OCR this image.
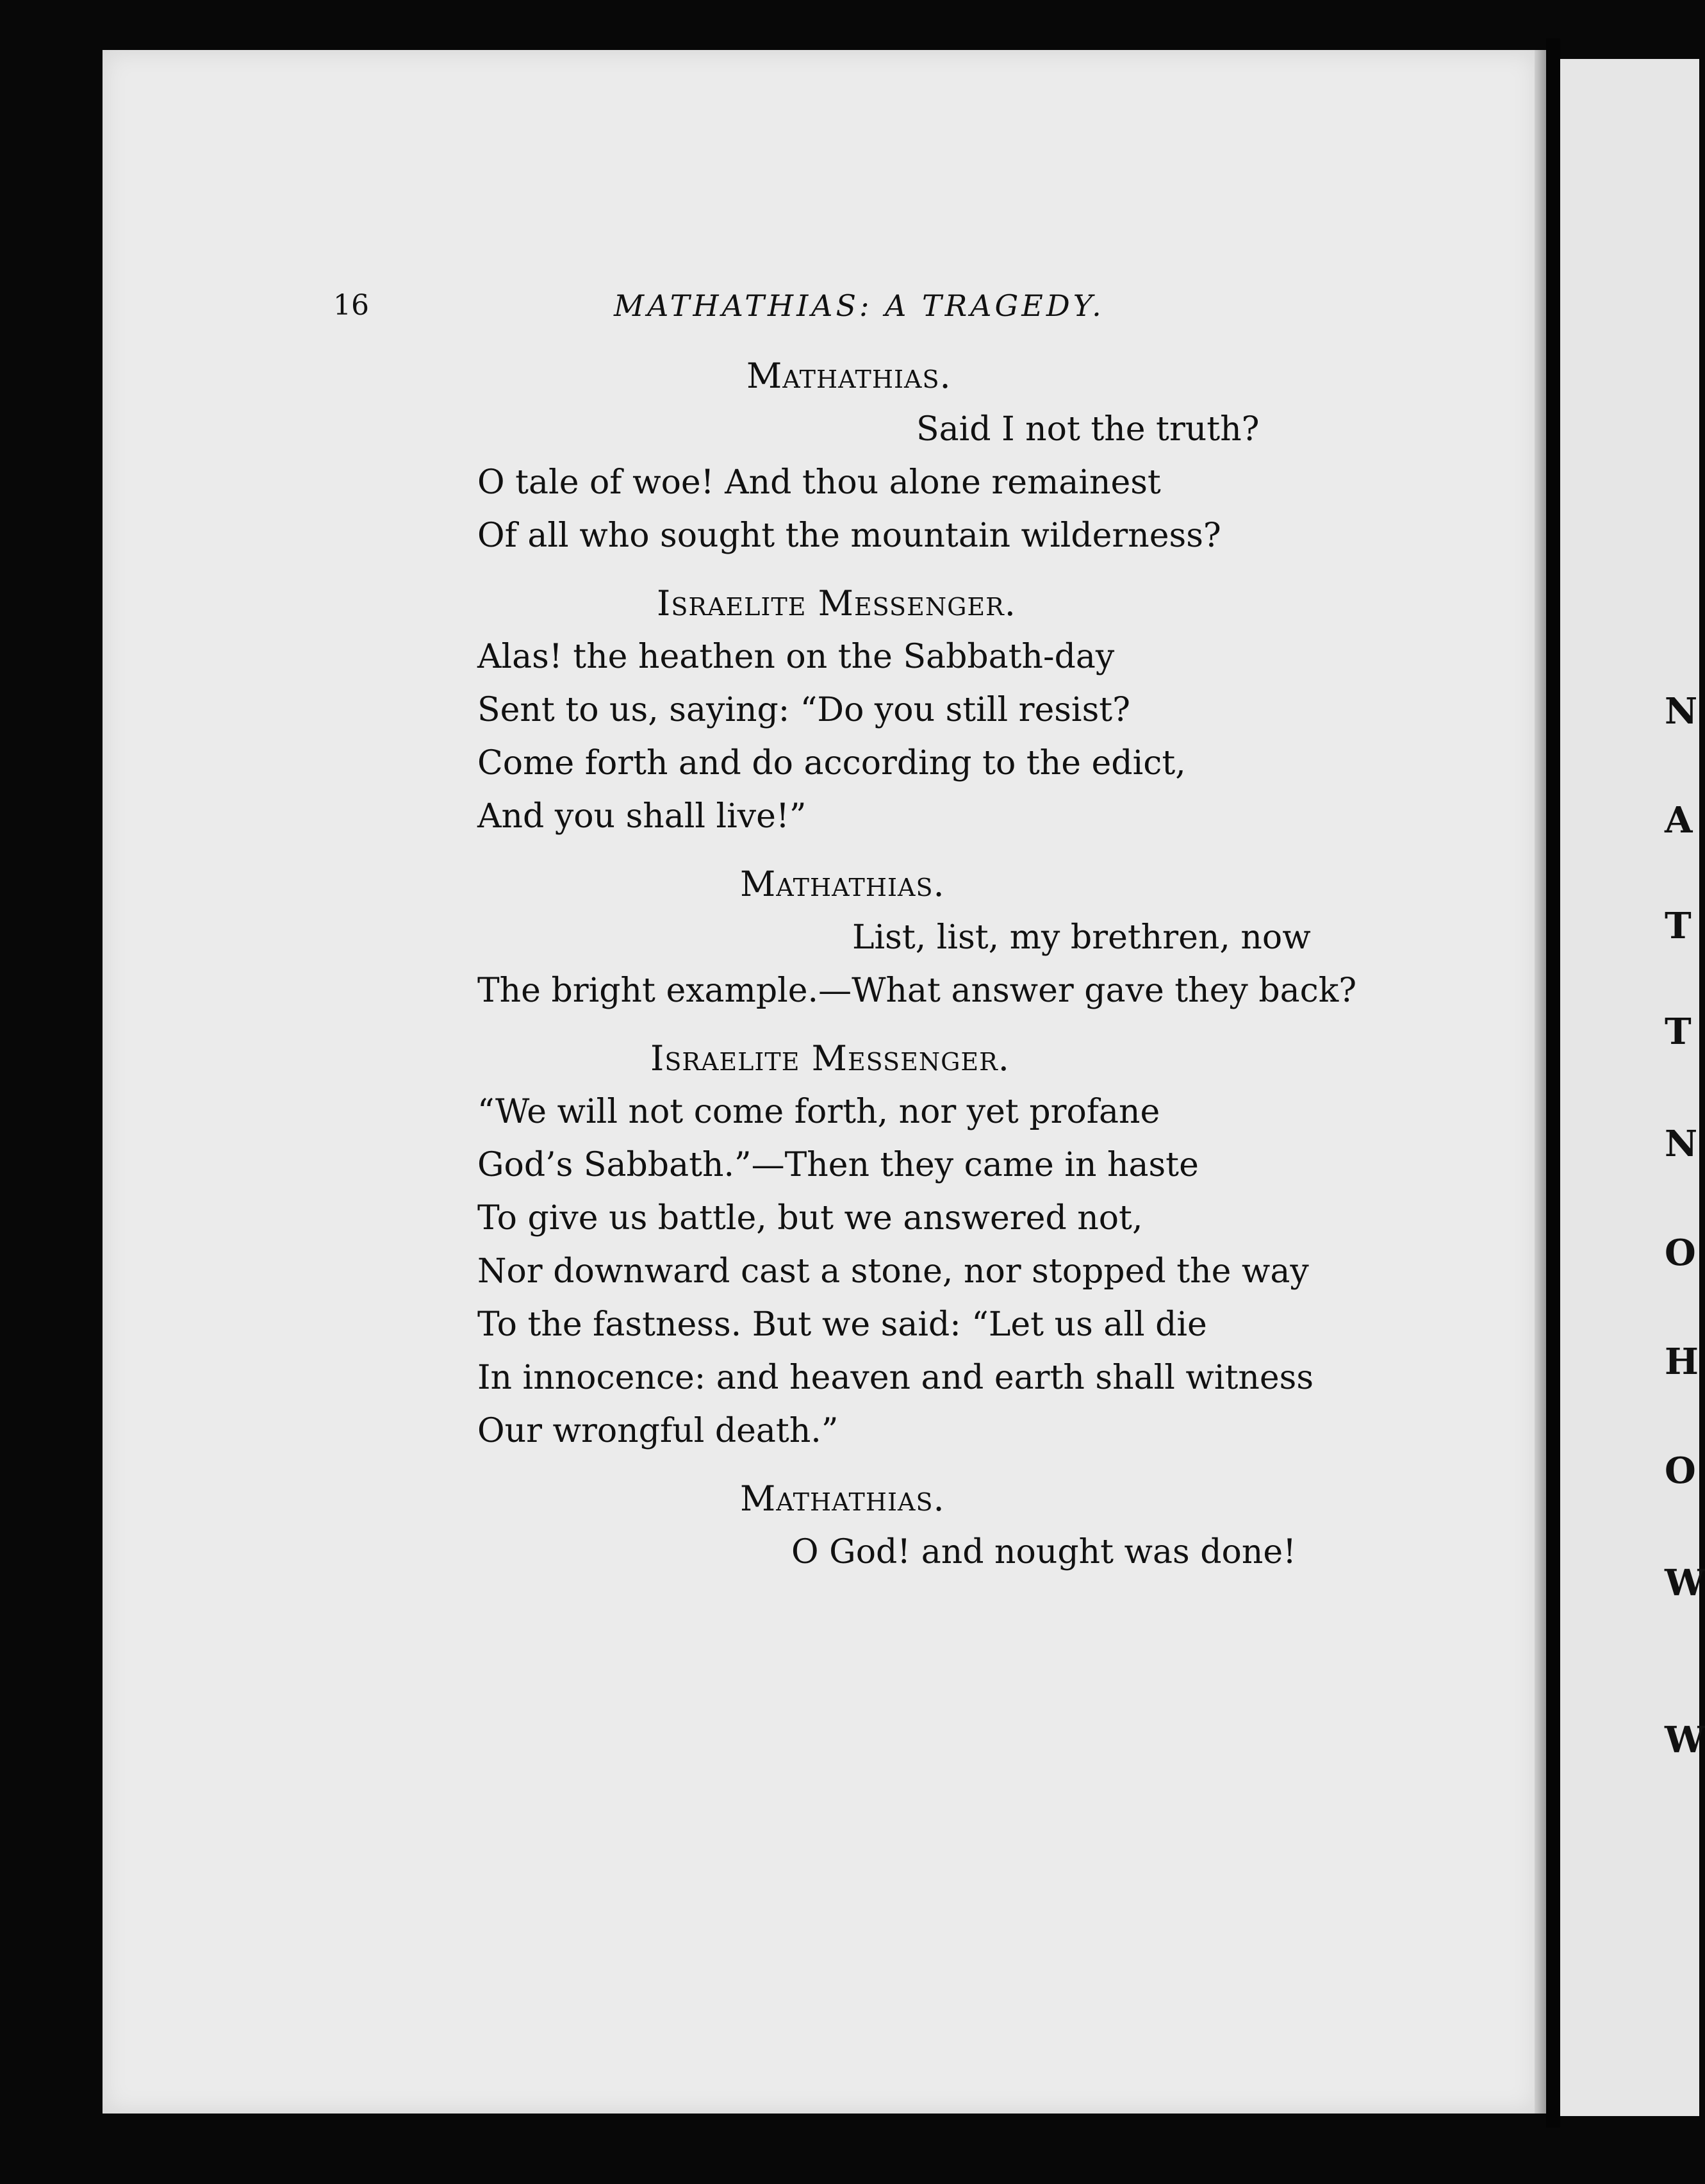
16	MATHATHIAS: A TRAGEDY.
Mathathias.
Said I not the truth?
O tale of woe! And thou alone remainest
Of all who sought the mountain wilderness?
Israelite Messenger.
Alas! the heathen on the Sabbath-day
Sent to us, saying: “Do you still resist?
Come forth and do according to the edict,
And you shall live!”
Mathathias.
List, list, my brethren, now
The bright example.—What answer gave they back?
Israelite Messenger.
“We will not come forth, nor yet profane
God’s Sabbath.”—Then they came in haste
To give us battle, but we answered not,
Nor downward cast a stone, nor stopped the way
To the fastness. But we said: “Let us all die
In innocence: and heaven and earth shall witness
Our wrongful death.”
Mathathias.
O God! and nought was done!
N
A
T
T
N
O
H
O
W
W
